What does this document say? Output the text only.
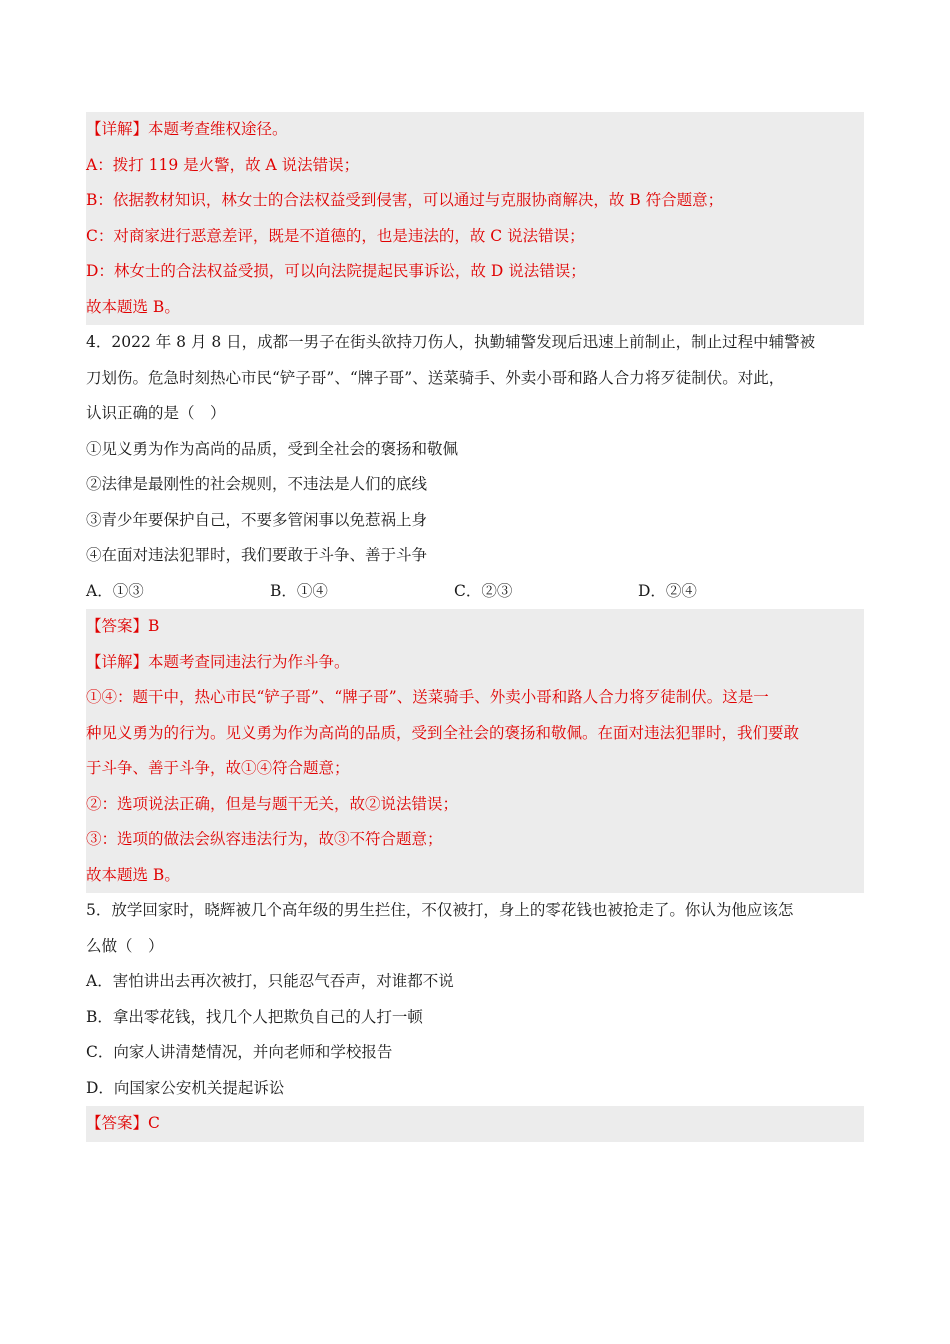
【详解】本题考查维权途径。
A：拨打 119 是火警，故 A 说法错误；
B：依据教材知识，林女士的合法权益受到侵害，可以通过与克服协商解决，故 B 符合题意；
C：对商家进行恶意差评，既是不道德的，也是违法的，故 C 说法错误；
D：林女士的合法权益受损，可以向法院提起民事诉讼，故 D 说法错误；
故本题选 B。
4．2022 年 8 月 8 日，成都一男子在街头欲持刀伤人，执勤辅警发现后迅速上前制止，制止过程中辅警被
刀划伤。危急时刻热心市民“铲子哥”、“牌子哥”、送菜骑手、外卖小哥和路人合力将歹徒制伏。对此，
认识正确的是（　）
①见义勇为作为高尚的品质，受到全社会的褒扬和敬佩
②法律是最刚性的社会规则，不违法是人们的底线
③青少年要保护自己，不要多管闲事以免惹祸上身
④在面对违法犯罪时，我们要敢于斗争、善于斗争
A．①③	B．①④	C．②③	D．②④
【答案】B
【详解】本题考查同违法行为作斗争。
①④：题干中，热心市民“铲子哥”、“牌子哥”、送菜骑手、外卖小哥和路人合力将歹徒制伏。这是一
种见义勇为的行为。见义勇为作为高尚的品质，受到全社会的褒扬和敬佩。在面对违法犯罪时，我们要敢
于斗争、善于斗争，故①④符合题意；
②：选项说法正确，但是与题干无关，故②说法错误；
③：选项的做法会纵容违法行为，故③不符合题意；
故本题选 B。
5．放学回家时，晓辉被几个高年级的男生拦住，不仅被打，身上的零花钱也被抢走了。你认为他应该怎
么做（　）
A．害怕讲出去再次被打，只能忍气吞声，对谁都不说
B．拿出零花钱，找几个人把欺负自己的人打一顿
C．向家人讲清楚情况，并向老师和学校报告
D．向国家公安机关提起诉讼
【答案】C
